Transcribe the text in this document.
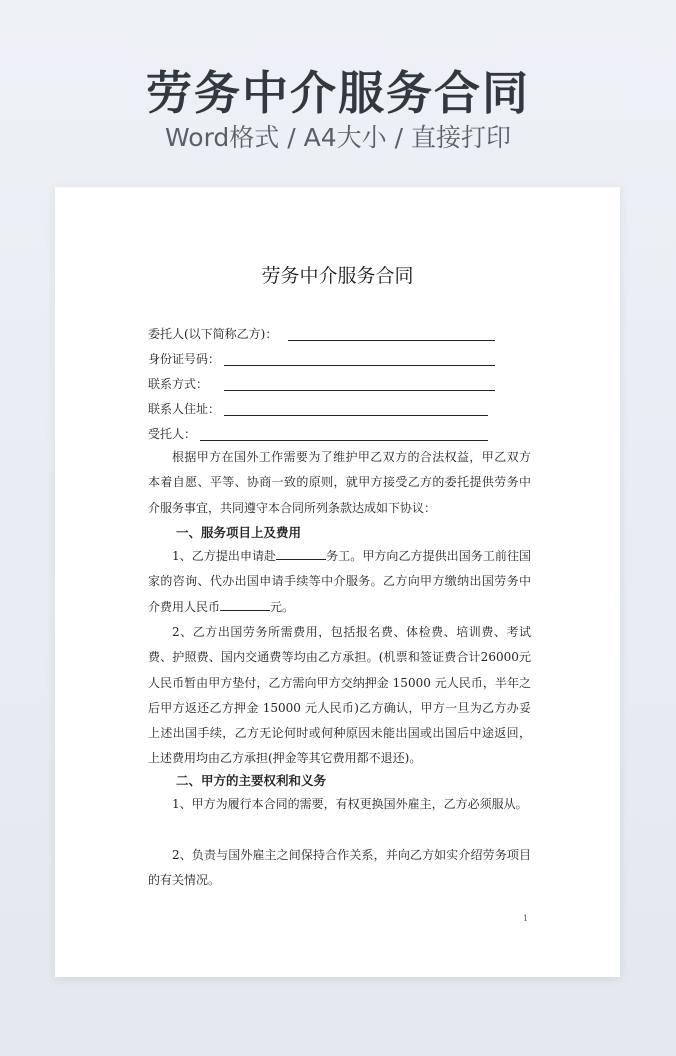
劳务中介服务合同
Word格式 / A4大小 / 直接打印
劳务中介服务合同
委托人(以下简称乙方)：
身份证号码：
联系方式：
联系人住址：
受托人：
根据甲方在国外工作需要为了维护甲乙双方的合法权益，甲乙双方本着自愿、平等、协商一致的原则，就甲方接受乙方的委托提供劳务中介服务事宜，共同遵守本合同所列条款达成如下协议：
一、服务项目上及费用
1、乙方提出申请赴	务工。甲方向乙方提供出国务工前往国家的咨询、代办出国申请手续等中介服务。乙方向甲方缴纳出国劳务中介费用人民币	元。
2、乙方出国劳务所需费用，包括报名费、体检费、培训费、考试费、护照费、国内交通费等均由乙方承担。(机票和签证费合计26000元人民币暂由甲方垫付，乙方需向甲方交纳押金 15000 元人民币，半年之后甲方返还乙方押金 15000 元人民币)乙方确认，甲方一旦为乙方办妥上述出国手续，乙方无论何时或何种原因未能出国或出国后中途返回，上述费用均由乙方承担(押金等其它费用都不退还)。
二、甲方的主要权利和义务
1、甲方为履行本合同的需要，有权更换国外雇主，乙方必须服从。
2、负责与国外雇主之间保持合作关系，并向乙方如实介绍劳务项目的有关情况。
1
